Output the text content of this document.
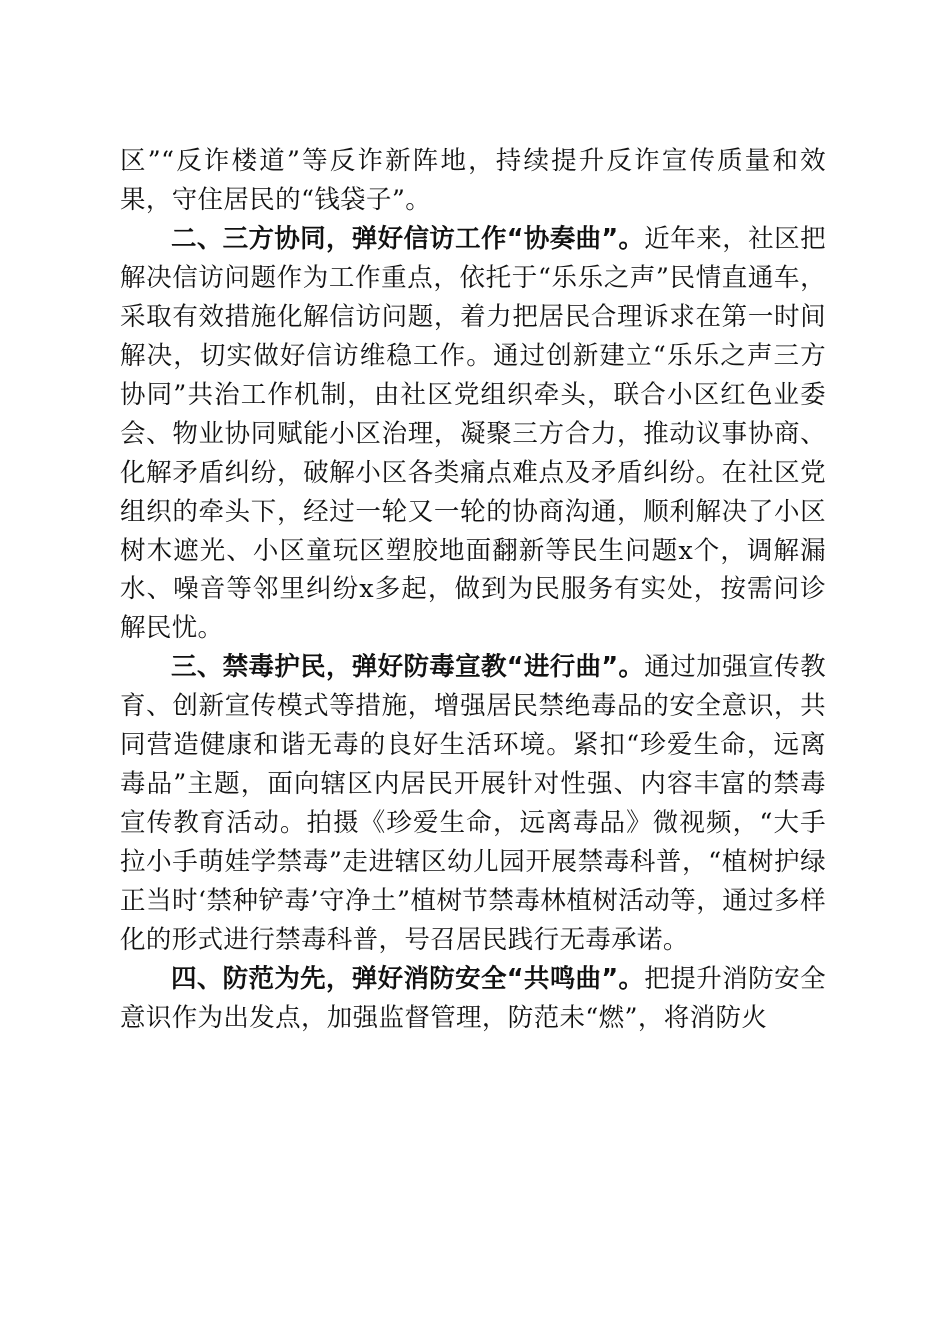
区”“反诈楼道”等反诈新阵地，持续提升反诈宣传质量和效果，守住居民的“钱袋子”。

二、三方协同，弹好信访工作“协奏曲”。近年来，社区把解决信访问题作为工作重点，依托于“乐乐之声”民情直通车，采取有效措施化解信访问题，着力把居民合理诉求在第一时间解决，切实做好信访维稳工作。通过创新建立“乐乐之声三方协同”共治工作机制，由社区党组织牵头，联合小区红色业委会、物业协同赋能小区治理，凝聚三方合力，推动议事协商、化解矛盾纠纷，破解小区各类痛点难点及矛盾纠纷。在社区党组织的牵头下，经过一轮又一轮的协商沟通，顺利解决了小区树木遮光、小区童玩区塑胶地面翻新等民生问题x个，调解漏水、噪音等邻里纠纷x多起，做到为民服务有实处，按需问诊解民忧。

三、禁毒护民，弹好防毒宣教“进行曲”。通过加强宣传教育、创新宣传模式等措施，增强居民禁绝毒品的安全意识，共同营造健康和谐无毒的良好生活环境。紧扣“珍爱生命，远离毒品”主题，面向辖区内居民开展针对性强、内容丰富的禁毒宣传教育活动。拍摄《珍爱生命，远离毒品》微视频，“大手拉小手萌娃学禁毒”走进辖区幼儿园开展禁毒科普，“植树护绿正当时‘禁种铲毒’守净土”植树节禁毒林植树活动等，通过多样化的形式进行禁毒科普，号召居民践行无毒承诺。

四、防范为先，弹好消防安全“共鸣曲”。把提升消防安全意识作为出发点，加强监督管理，防范未“燃”，将消防火
